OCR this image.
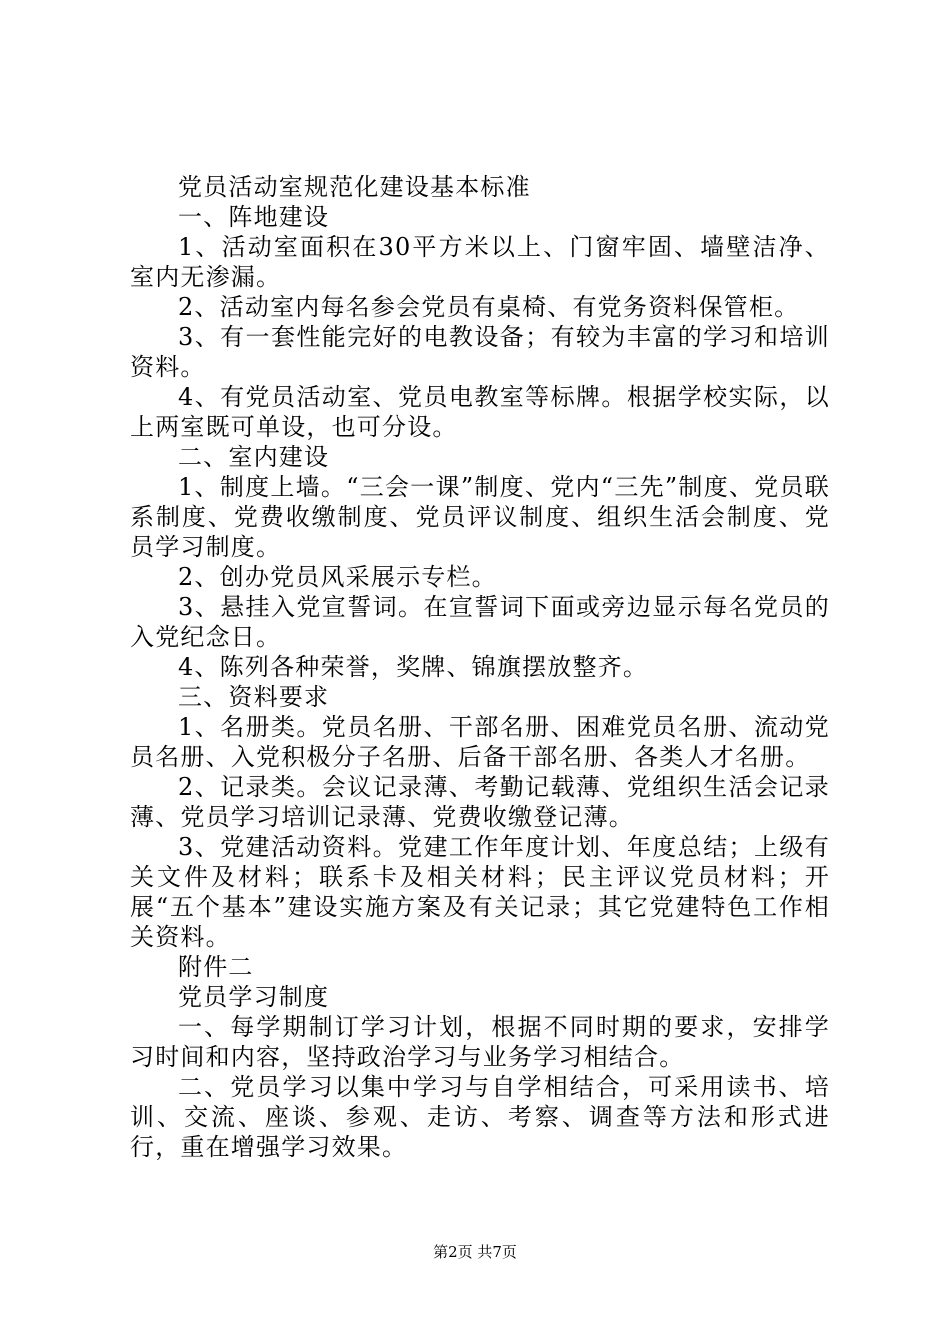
党员活动室规范化建设基本标准

一、阵地建设

1、活动室面积在30平方米以上、门窗牢固、墙壁洁净、室内无渗漏。

2、活动室内每名参会党员有桌椅、有党务资料保管柜。

3、有一套性能完好的电教设备；有较为丰富的学习和培训资料。

4、有党员活动室、党员电教室等标牌。根据学校实际，以上两室既可单设，也可分设。

二、室内建设

1、制度上墙。“三会一课”制度、党内“三先”制度、党员联系制度、党费收缴制度、党员评议制度、组织生活会制度、党员学习制度。

2、创办党员风采展示专栏。

3、悬挂入党宣誓词。在宣誓词下面或旁边显示每名党员的入党纪念日。

4、陈列各种荣誉，奖牌、锦旗摆放整齐。

三、资料要求

1、名册类。党员名册、干部名册、困难党员名册、流动党员名册、入党积极分子名册、后备干部名册、各类人才名册。

2、记录类。会议记录薄、考勤记载薄、党组织生活会记录薄、党员学习培训记录薄、党费收缴登记薄。

3、党建活动资料。党建工作年度计划、年度总结；上级有关文件及材料；联系卡及相关材料；民主评议党员材料；开展“五个基本”建设实施方案及有关记录；其它党建特色工作相关资料。

附件二

党员学习制度

一、每学期制订学习计划，根据不同时期的要求，安排学习时间和内容，坚持政治学习与业务学习相结合。

二、党员学习以集中学习与自学相结合，可采用读书、培训、交流、座谈、参观、走访、考察、调查等方法和形式进行，重在增强学习效果。

第2页 共7页
